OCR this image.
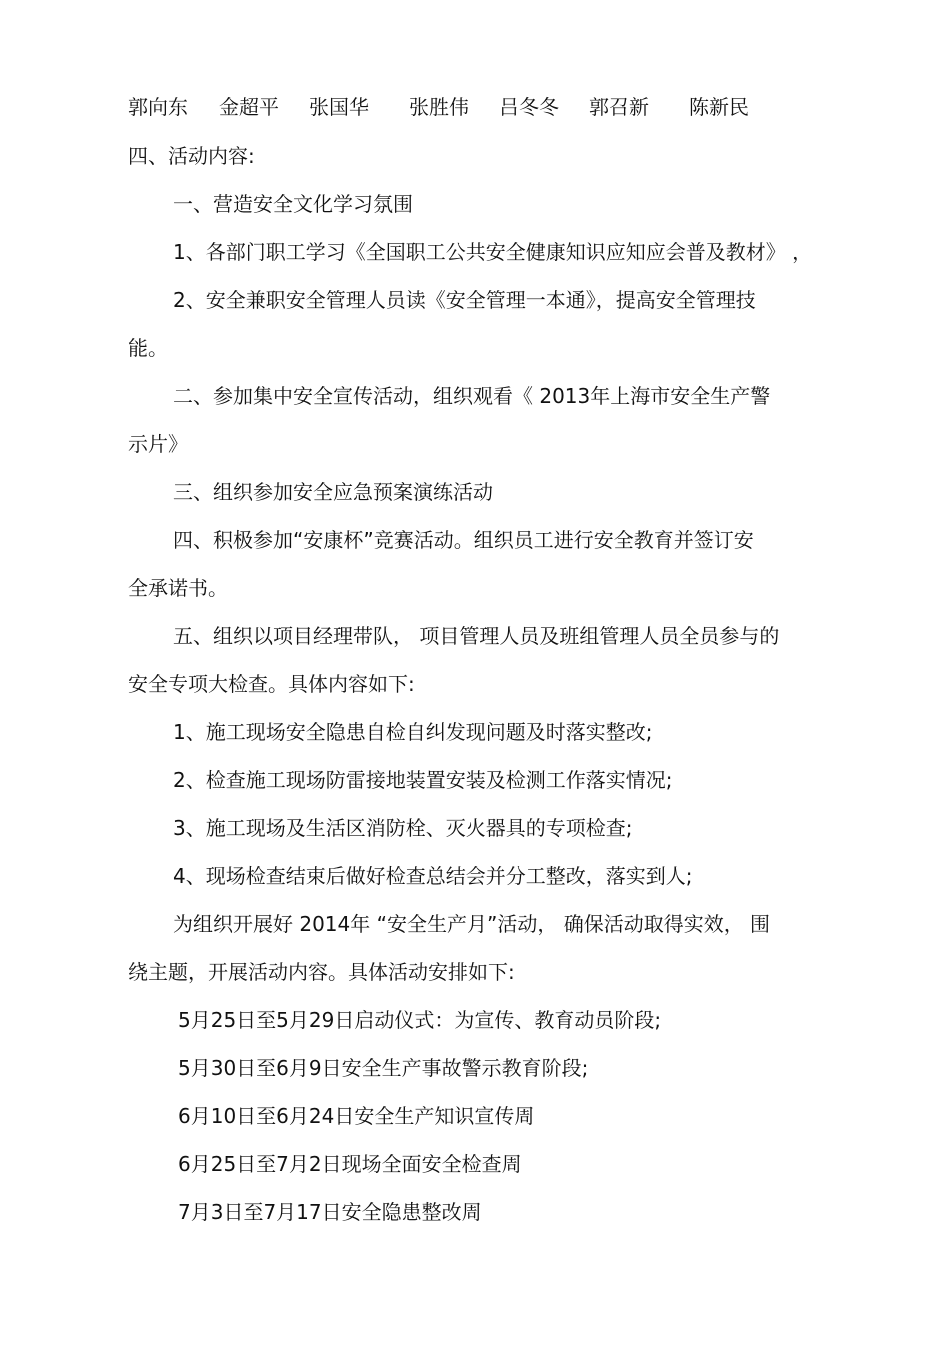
郭向东 金超平 张国华 张胜伟 吕冬冬 郭召新 陈新民
四、活动内容:
一、营造安全文化学习氛围
1、各部门职工学习《全国职工公共安全健康知识应知应会普及教材》 ，
2、安全兼职安全管理人员读《安全管理一本通》，提高安全管理技
能。
二、参加集中安全宣传活动，组织观看《 2013年上海市安全生产警
示片》
三、组织参加安全应急预案演练活动
四、积极参加“安康杯”竞赛活动。组织员工进行安全教育并签订安
全承诺书。
五、组织以项目经理带队， 项目管理人员及班组管理人员全员参与的
安全专项大检查。具体内容如下:
1、施工现场安全隐患自检自纠发现问题及时落实整改;
2、检查施工现场防雷接地装置安装及检测工作落实情况;
3、施工现场及生活区消防栓、灭火器具的专项检查;
4、现场检查结束后做好检查总结会并分工整改，落实到人;
为组织开展好 2014年 “安全生产月”活动， 确保活动取得实效， 围
绕主题，开展活动内容。具体活动安排如下:
5月25日至5月29日启动仪式：为宣传、教育动员阶段;
5月30日至6月9日安全生产事故警示教育阶段;
6月10日至6月24日安全生产知识宣传周
6月25日至7月2日现场全面安全检查周
7月3日至7月17日安全隐患整改周
